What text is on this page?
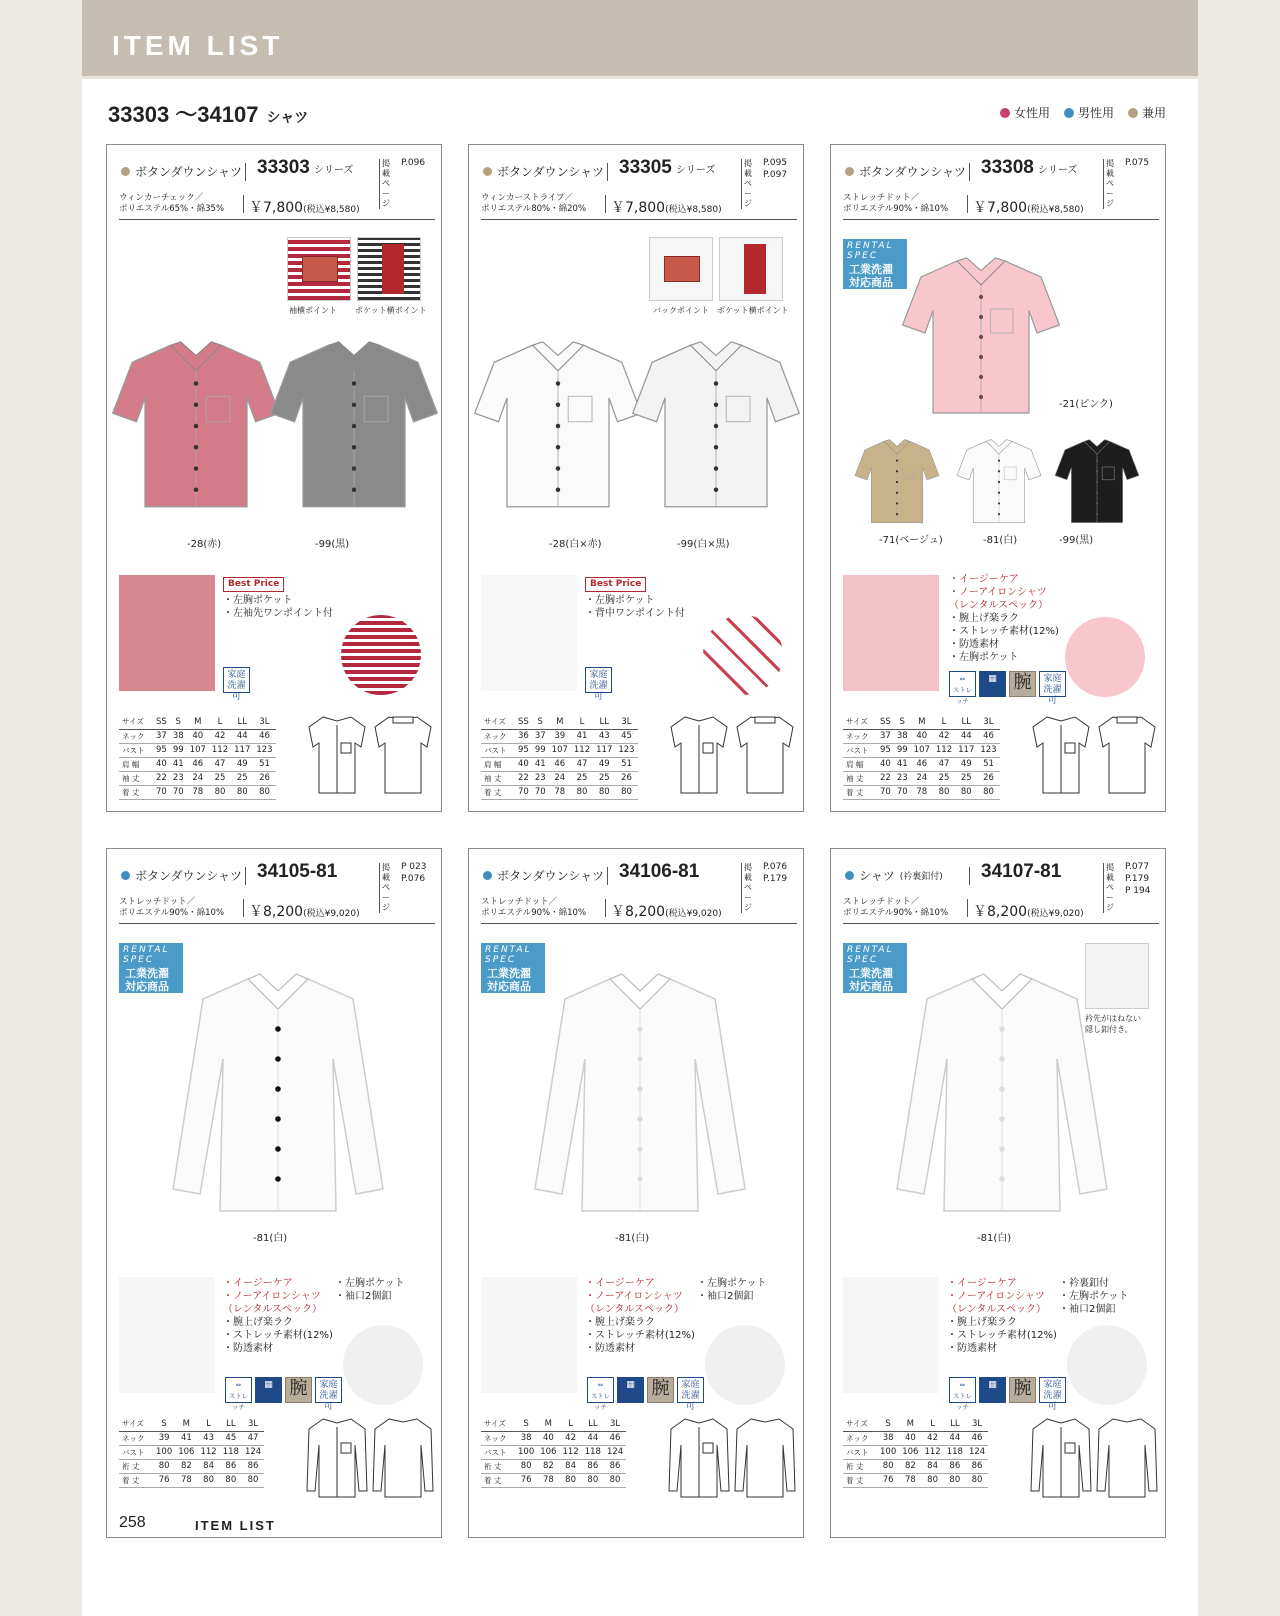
ITEM LIST
33303 ～34107 シャツ	女性用 男性用 兼用
ボタンダウンシャツ 33303 シリーズ
掲載ページ
P.096
ウィンカーチェック／
ポリエステル65%・綿35%	￥7,800(税込¥8,580)
袖横ポイント ポケット横ポイント
-28(赤)	-99(黒)
Best Price
・左胸ポケット
・左袖先ワンポイント付
家庭
洗濯可
サイズ	SS	S	M	L	LL	3L
ネック	37	38	40	42	44	46
バスト	95	99	107	112	117	123
肩 幅	40	41	46	47	49	51
袖 丈	22	23	24	25	25	26
着 丈	70	70	78	80	80	80
ボタンダウンシャツ 33305 シリーズ
掲載ページ
P.095
P.097
ウィンカーストライプ／
ポリエステル80%・綿20%	￥7,800(税込¥8,580)
バックポイント ポケット横ポイント
-28(白×赤)	-99(白×黒)
Best Price
・左胸ポケット
・背中ワンポイント付
家庭
洗濯可
サイズ	SS	S	M	L	LL	3L
ネック	36	37	39	41	43	45
バスト	95	99	107	112	117	123
肩 幅	40	41	46	47	49	51
袖 丈	22	23	24	25	25	26
着 丈	70	70	78	80	80	80
ボタンダウンシャツ 33308 シリーズ
掲載ページ
P.075
ストレッチドット／
ポリエステル90%・綿10%	￥7,800(税込¥8,580)
RENTAL
SPEC
工業洗濯
対応商品
-21(ピンク)
-71(ベージュ)	-81(白)	-99(黒)
・イージーケア
・ノーアイロンシャツ
（レンタルスペック）
・腕上げ楽ラク
・ストレッチ素材(12%)
・防透素材
・左胸ポケット
⇔
ストレッチ
▦ 腕	家庭
洗濯可
サイズ	SS	S	M	L	LL	3L
ネック	37	38	40	42	44	46
バスト	95	99	107	112	117	123
肩 幅	40	41	46	47	49	51
袖 丈	22	23	24	25	25	26
着 丈	70	70	78	80	80	80
ボタンダウンシャツ 34105-81	掲載ページ
P 023
P.076
ストレッチドット／
ポリエステル90%・綿10%	￥8,200(税込¥9,020)
RENTAL
SPEC
工業洗濯
対応商品
-81(白)
・イージーケア
・ノーアイロンシャツ
（レンタルスペック）
・腕上げ楽ラク
・ストレッチ素材(12%)
・防透素材
・左胸ポケット
・袖口2個釦
⇔
ストレッチ
▦ 腕	家庭
洗濯可
サイズ	S	M	L	LL	3L
ネック	39	41	43	45	47
バスト	100	106	112	118	124
裄 丈	80	82	84	86	86
着 丈	76	78	80	80	80
ボタンダウンシャツ 34106-81	掲載ページ
P.076
P.179
ストレッチドット／
ポリエステル90%・綿10%	￥8,200(税込¥9,020)
RENTAL
SPEC
工業洗濯
対応商品
-81(白)
・イージーケア
・ノーアイロンシャツ
（レンタルスペック）
・腕上げ楽ラク
・ストレッチ素材(12%)
・防透素材
・左胸ポケット
・袖口2個釦
⇔
ストレッチ
▦ 腕	家庭
洗濯可
サイズ	S	M	L	LL	3L
ネック	38	40	42	44	46
バスト	100	106	112	118	124
裄 丈	80	82	84	86	86
着 丈	76	78	80	80	80
シャツ (衿裏釦付) 34107-81	掲載ページ
P.077
P.179
P 194
ストレッチドット／
ポリエステル90%・綿10%	￥8,200(税込¥9,020)
RENTAL
SPEC
工業洗濯
対応商品
-81(白)
・イージーケア
・ノーアイロンシャツ
（レンタルスペック）
・腕上げ楽ラク
・ストレッチ素材(12%)
・防透素材
・衿裏釦付
・左胸ポケット
・袖口2個釦
衿先がはねない
隠し釦付き。
⇔
ストレッチ
▦ 腕	家庭
洗濯可
サイズ	S	M	L	LL	3L
ネック	38	40	42	44	46
バスト	100	106	112	118	124
裄 丈	80	82	84	86	86
着 丈	76	78	80	80	80
258	ITEM LIST
